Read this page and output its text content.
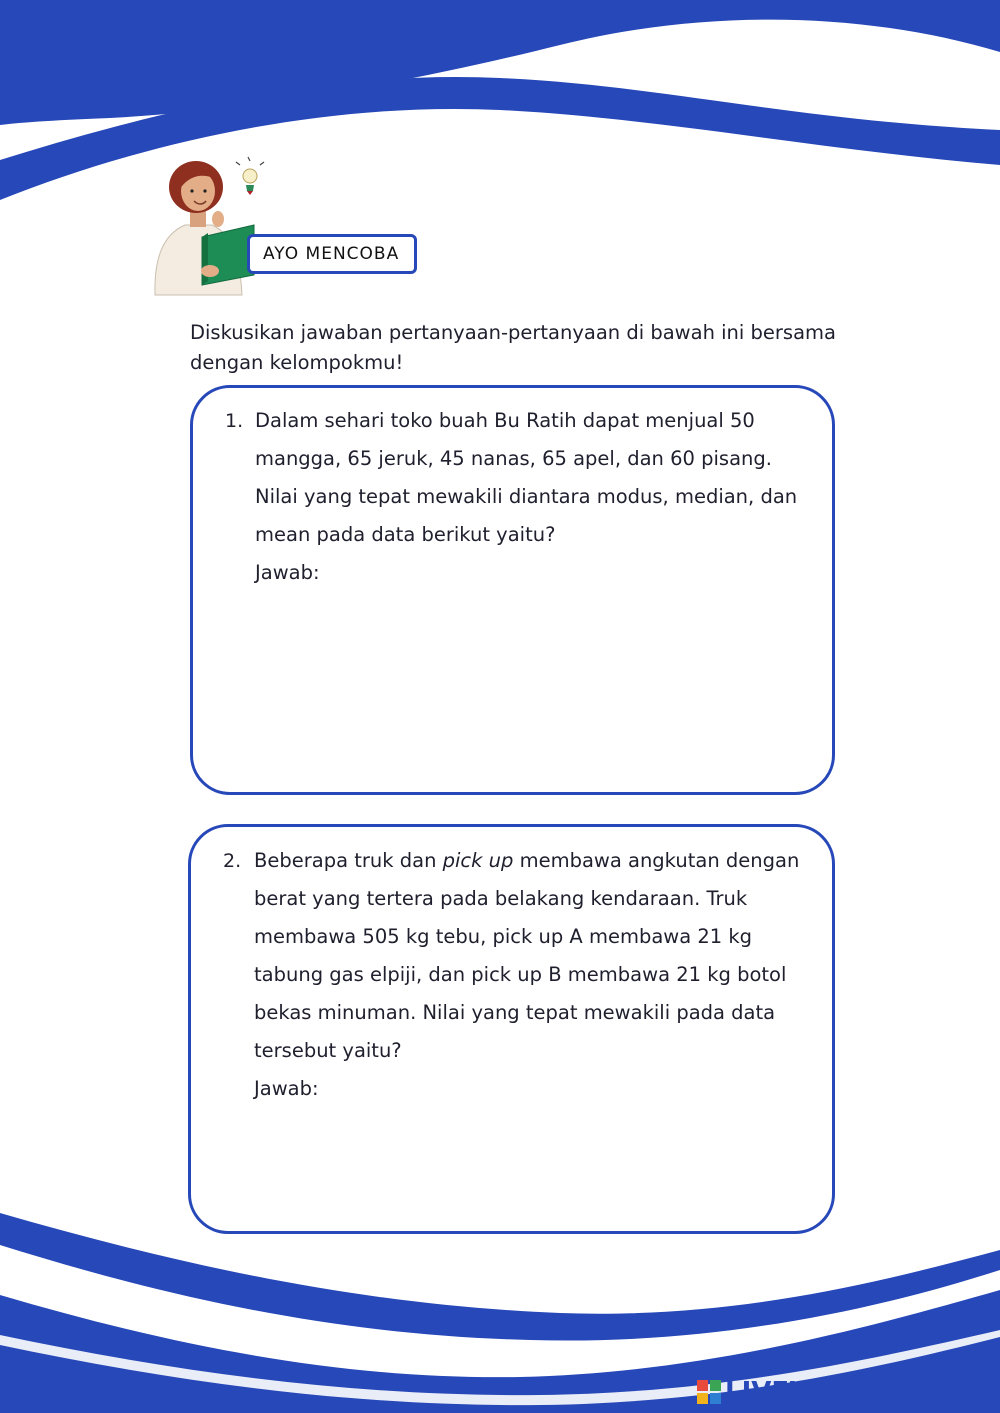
AYO MENCOBA
Diskusikan jawaban pertanyaan-pertanyaan di bawah ini bersama dengan kelompokmu!
1. Dalam sehari toko buah Bu Ratih dapat menjual 50 mangga, 65 jeruk, 45 nanas, 65 apel, dan 60 pisang. Nilai yang tepat mewakili diantara modus, median, dan mean pada data berikut yaitu?
Jawab:
2. Beberapa truk dan pick up membawa angkutan dengan berat yang tertera pada belakang kendaraan. Truk membawa 505 kg tebu, pick up A membawa 21 kg tabung gas elpiji, dan pick up B membawa 21 kg botol bekas minuman. Nilai yang tepat mewakili pada data tersebut yaitu?
Jawab:
LIVEWORKSHEETS
